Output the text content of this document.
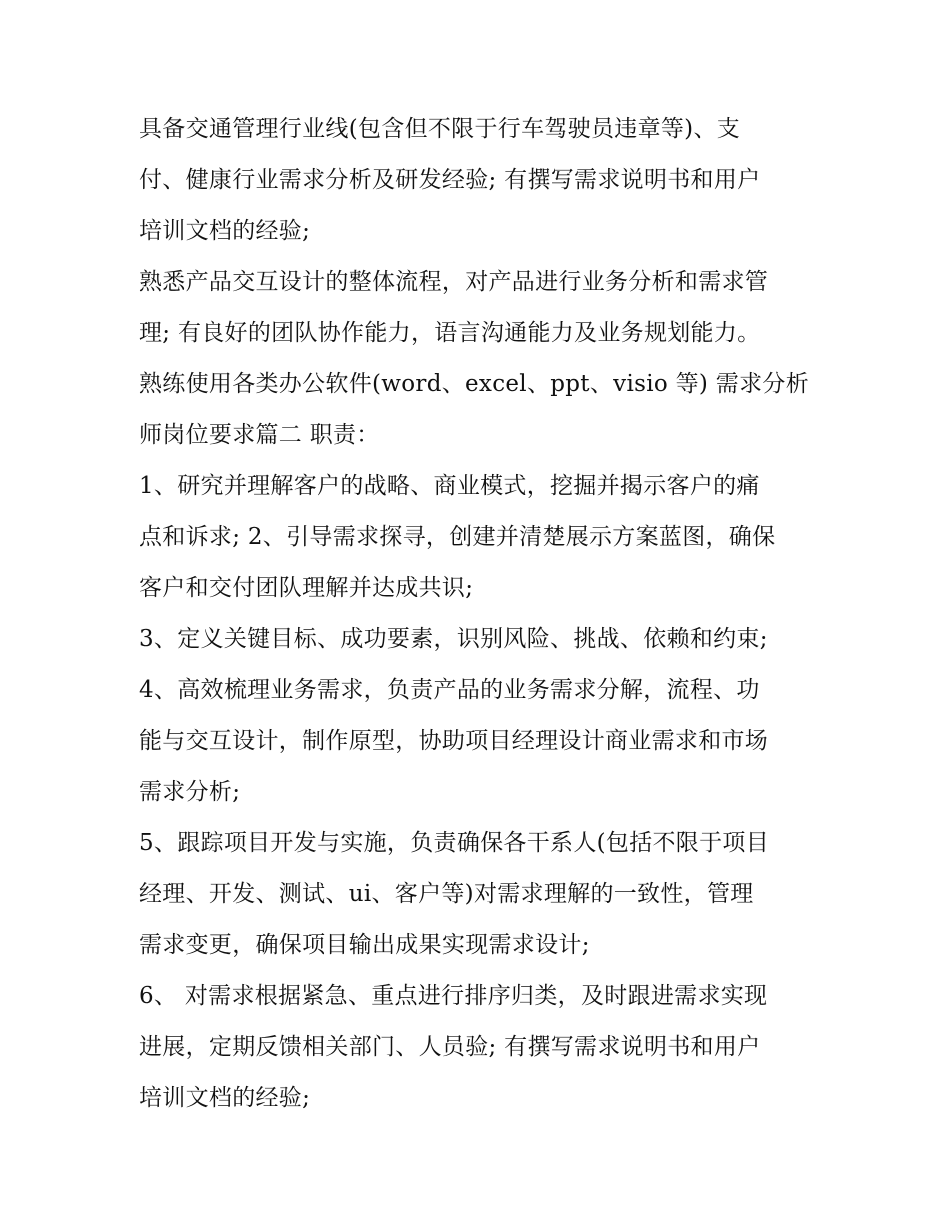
具备交通管理行业线(包含但不限于行车驾驶员违章等)、支
付、健康行业需求分析及研发经验; 有撰写需求说明书和用户
培训文档的经验;
熟悉产品交互设计的整体流程，对产品进行业务分析和需求管
理; 有良好的团队协作能力，语言沟通能力及业务规划能力。
熟练使用各类办公软件(word、excel、ppt、visio 等) 需求分析
师岗位要求篇二 职责：
1、研究并理解客户的战略、商业模式，挖掘并揭示客户的痛
点和诉求; 2、引导需求探寻，创建并清楚展示方案蓝图，确保
客户和交付团队理解并达成共识;
3、定义关键目标、成功要素，识别风险、挑战、依赖和约束;
4、高效梳理业务需求，负责产品的业务需求分解，流程、功
能与交互设计，制作原型，协助项目经理设计商业需求和市场
需求分析;
5、跟踪项目开发与实施，负责确保各干系人(包括不限于项目
经理、开发、测试、ui、客户等)对需求理解的一致性，管理
需求变更，确保项目输出成果实现需求设计;
6、 对需求根据紧急、重点进行排序归类，及时跟进需求实现
进展，定期反馈相关部门、人员验; 有撰写需求说明书和用户
培训文档的经验;
